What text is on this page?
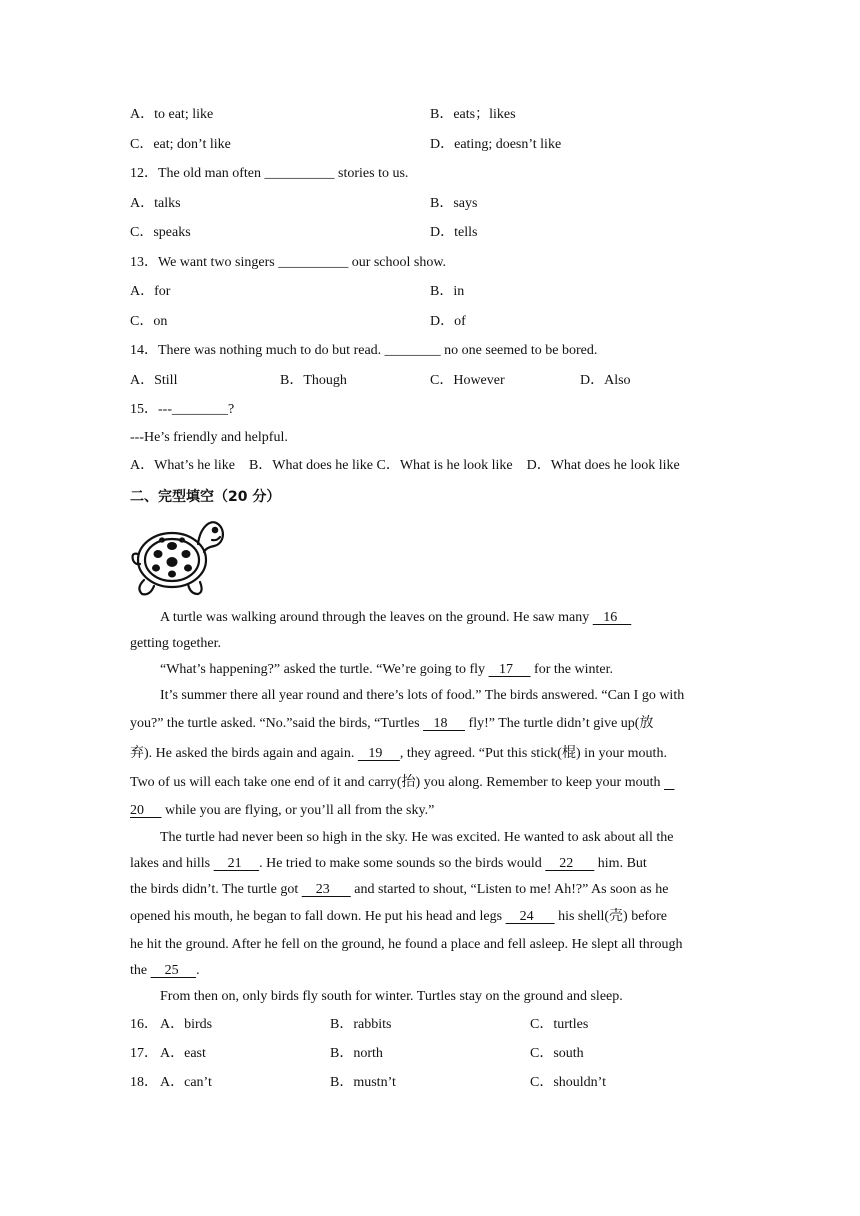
A．to eat; like	B．eats；likes
C．eat; don’t like	D．eating; doesn’t like
12．The old man often __________ stories to us.
A．talks	B．says
C．speaks	D．tells
13．We want two singers __________ our school show.
A．for	B．in
C．on	D．of
14．There was nothing much to do but read. ________ no one seemed to be bored.
A．Still	B．Though	C．However	D．Also
15．---________?
---He’s friendly and helpful.
A．What’s he like    B．What does he like C．What is he look like    D．What does he look like
二、完型填空（20 分）
A turtle was walking around through the leaves on the ground. He saw many    16
getting together.
“What’s happening?” asked the turtle. “We’re going to fly    17      for the winter.
It’s summer there all year round and there’s lots of food.” The birds answered. “Can I go with
you?” the turtle asked. “No.”said the birds, “Turtles    18      fly!” The turtle didn’t give up(放
弃). He asked the birds again and again.    19     , they agreed. “Put this stick(棍) in your mouth.
Two of us will each take one end of it and carry(抬) you along. Remember to keep your mouth
20      while you are flying, or you’ll all from the sky.”
The turtle had never been so high in the sky. He was excited. He wanted to ask about all the
lakes and hills     21     . He tried to make some sounds so the birds would     22       him. But
the birds didn’t. The turtle got     23       and started to shout, “Listen to me! Ah!?” As soon as he
opened his mouth, he began to fall down. He put his head and legs     24       his shell(壳) before
he hit the ground. After he fell on the ground, he found a place and fell asleep. He slept all through
the     25     .
From then on, only birds fly south for winter. Turtles stay on the ground and sleep.
16． A．birds	B．rabbits	C．turtles
17． A．east	B．north	C．south
18． A．can’t	B．mustn’t	C．shouldn’t
